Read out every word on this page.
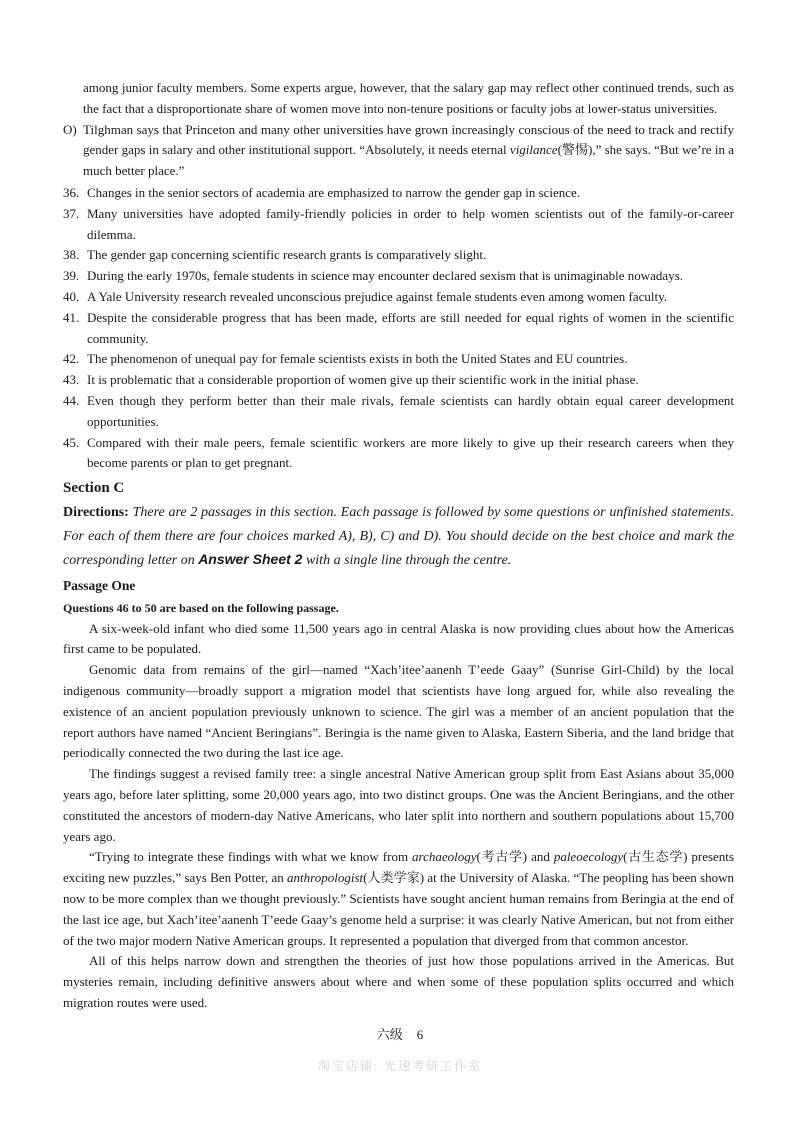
among junior faculty members. Some experts argue, however, that the salary gap may reflect other continued trends, such as the fact that a disproportionate share of women move into non-tenure positions or faculty jobs at lower-status universities.

O) Tilghman says that Princeton and many other universities have grown increasingly conscious of the need to track and rectify gender gaps in salary and other institutional support. “Absolutely, it needs eternal vigilance(警惕),” she says. “But we’re in a much better place.”

36. Changes in the senior sectors of academia are emphasized to narrow the gender gap in science.

37. Many universities have adopted family-friendly policies in order to help women scientists out of the family-or-career dilemma.

38. The gender gap concerning scientific research grants is comparatively slight.

39. During the early 1970s, female students in science may encounter declared sexism that is unimaginable nowadays.

40. A Yale University research revealed unconscious prejudice against female students even among women faculty.

41. Despite the considerable progress that has been made, efforts are still needed for equal rights of women in the scientific community.

42. The phenomenon of unequal pay for female scientists exists in both the United States and EU countries.

43. It is problematic that a considerable proportion of women give up their scientific work in the initial phase.

44. Even though they perform better than their male rivals, female scientists can hardly obtain equal career development opportunities.

45. Compared with their male peers, female scientific workers are more likely to give up their research careers when they become parents or plan to get pregnant.

Section C

Directions: There are 2 passages in this section. Each passage is followed by some questions or unfinished statements. For each of them there are four choices marked A), B), C) and D). You should decide on the best choice and mark the corresponding letter on Answer Sheet 2 with a single line through the centre.

Passage One
Questions 46 to 50 are based on the following passage.

A six-week-old infant who died some 11,500 years ago in central Alaska is now providing clues about how the Americas first came to be populated.

Genomic data from remains of the girl—named “Xach’itee’aanenh T’eede Gaay” (Sunrise Girl-Child) by the local indigenous community—broadly support a migration model that scientists have long argued for, while also revealing the existence of an ancient population previously unknown to science. The girl was a member of an ancient population that the report authors have named “Ancient Beringians”. Beringia is the name given to Alaska, Eastern Siberia, and the land bridge that periodically connected the two during the last ice age.

The findings suggest a revised family tree: a single ancestral Native American group split from East Asians about 35,000 years ago, before later splitting, some 20,000 years ago, into two distinct groups. One was the Ancient Beringians, and the other constituted the ancestors of modern-day Native Americans, who later split into northern and southern populations about 15,700 years ago.

“Trying to integrate these findings with what we know from archaeology(考古学) and paleoecology(古生态学) presents exciting new puzzles,” says Ben Potter, an anthropologist(人类学家) at the University of Alaska. “The peopling has been shown now to be more complex than we thought previously.” Scientists have sought ancient human remains from Beringia at the end of the last ice age, but Xach’itee’aanenh T’eede Gaay’s genome held a surprise: it was clearly Native American, but not from either of the two major modern Native American groups. It represented a population that diverged from that common ancestor.

All of this helps narrow down and strengthen the theories of just how those populations arrived in the Americas. But mysteries remain, including definitive answers about where and when some of these population splits occurred and which migration routes were used.

六级 6
淘宝店铺: 光速考研工作室
